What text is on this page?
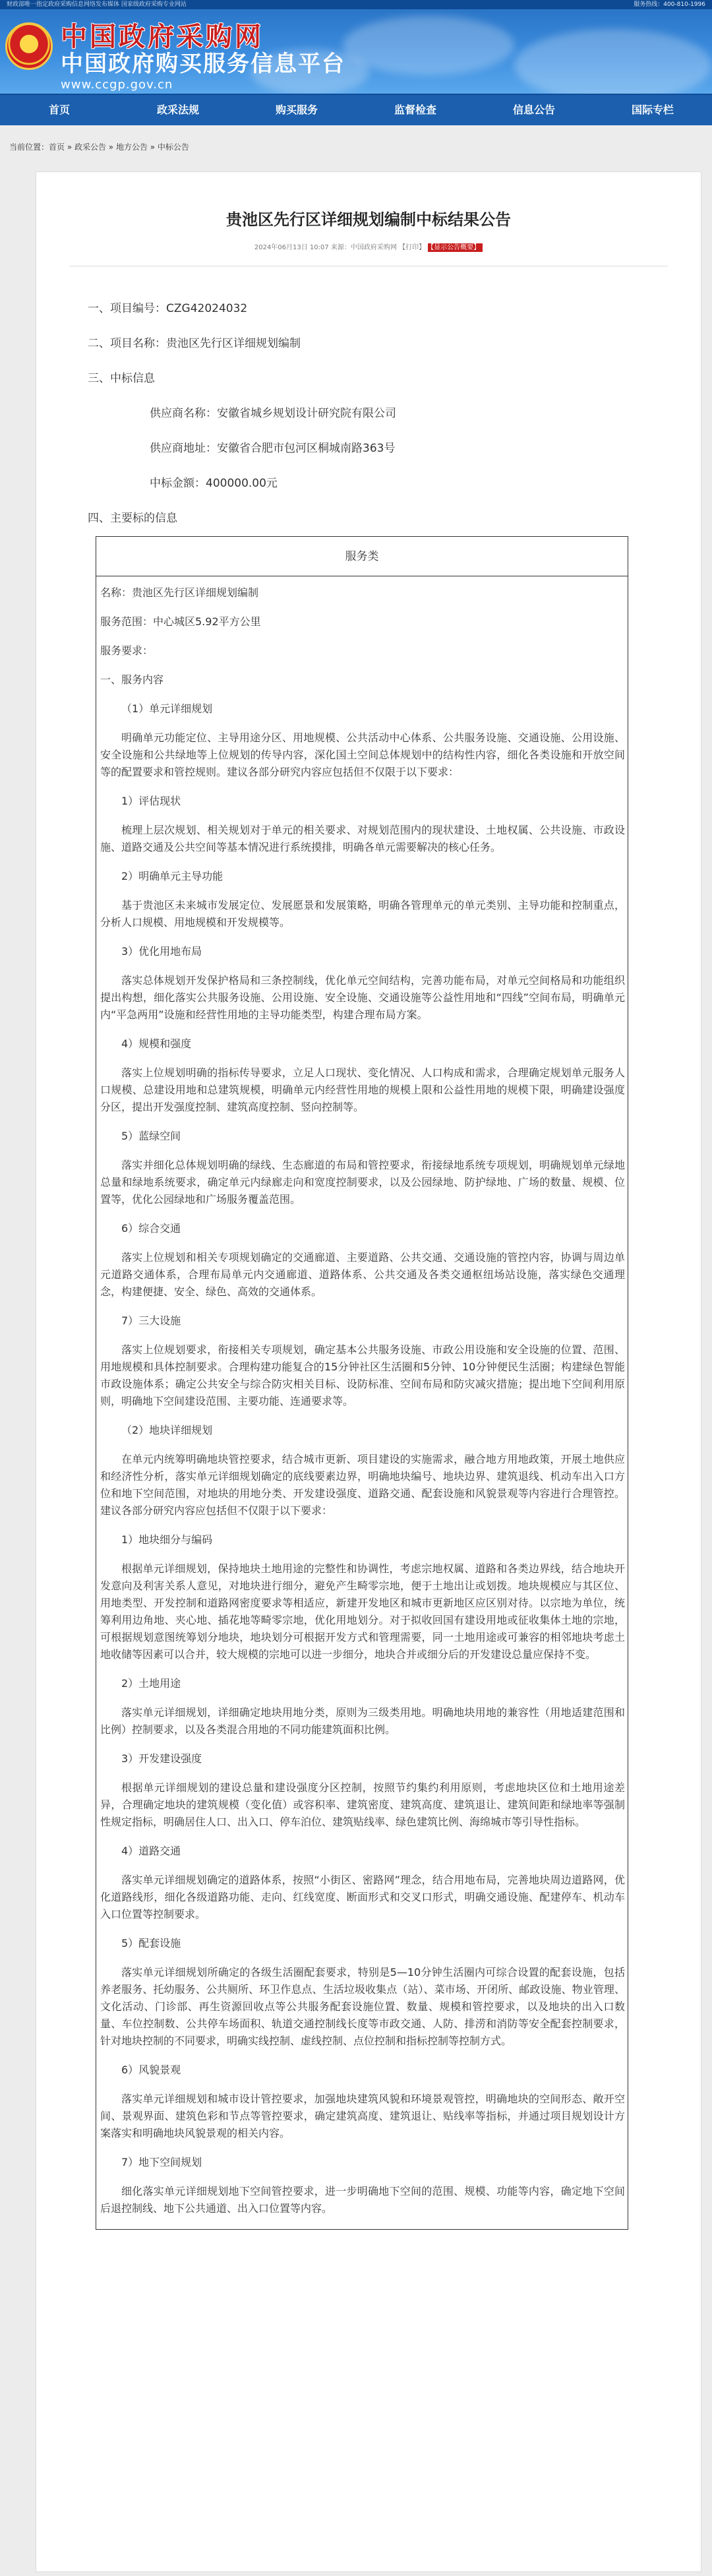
财政部唯一指定政府采购信息网络发布媒体 国家级政府采购专业网站	服务热线：400-810-1996
中国政府采购网
中国政府购买服务信息平台
www.ccgp.gov.cn
首页	政采法规	购买服务	监督检查	信息公告	国际专栏
当前位置：首页 » 政采公告 » 地方公告 » 中标公告
贵池区先行区详细规划编制中标结果公告
2024年06月13日 10:07 来源：中国政府采购网 【打印】 【显示公告概要】
一、项目编号：CZG42024032
二、项目名称：贵池区先行区详细规划编制
三、中标信息
供应商名称：安徽省城乡规划设计研究院有限公司
供应商地址：安徽省合肥市包河区桐城南路363号
中标金额：400000.00元
四、主要标的信息
服务类

名称：贵池区先行区详细规划编制

服务范围：中心城区5.92平方公里

服务要求：

一、服务内容

（1）单元详细规划

明确单元功能定位、主导用途分区、用地规模、公共活动中心体系、公共服务设施、交通设施、公用设施、安全设施和公共绿地等上位规划的传导内容，深化国土空间总体规划中的结构性内容，细化各类设施和开放空间等的配置要求和管控规则。建议各部分研究内容应包括但不仅限于以下要求：

1）评估现状

梳理上层次规划、相关规划对于单元的相关要求、对规划范围内的现状建设、土地权属、公共设施、市政设施、道路交通及公共空间等基本情况进行系统摸排，明确各单元需要解决的核心任务。

2）明确单元主导功能

基于贵池区未来城市发展定位、发展愿景和发展策略，明确各管理单元的单元类别、主导功能和控制重点，分析人口规模、用地规模和开发规模等。

3）优化用地布局

落实总体规划开发保护格局和三条控制线，优化单元空间结构，完善功能布局，对单元空间格局和功能组织提出构想，细化落实公共服务设施、公用设施、安全设施、交通设施等公益性用地和“四线”空间布局，明确单元内“平急两用”设施和经营性用地的主导功能类型，构建合理布局方案。

4）规模和强度

落实上位规划明确的指标传导要求，立足人口现状、变化情况、人口构成和需求，合理确定规划单元服务人口规模、总建设用地和总建筑规模，明确单元内经营性用地的规模上限和公益性用地的规模下限，明确建设强度分区，提出开发强度控制、建筑高度控制、竖向控制等。

5）蓝绿空间

落实并细化总体规划明确的绿线、生态廊道的布局和管控要求，衔接绿地系统专项规划，明确规划单元绿地总量和绿地系统要求，确定单元内绿廊走向和宽度控制要求，以及公园绿地、防护绿地、广场的数量、规模、位置等，优化公园绿地和广场服务覆盖范围。

6）综合交通

落实上位规划和相关专项规划确定的交通廊道、主要道路、公共交通、交通设施的管控内容，协调与周边单元道路交通体系，合理布局单元内交通廊道、道路体系、公共交通及各类交通枢纽场站设施，落实绿色交通理念，构建便捷、安全、绿色、高效的交通体系。

7）三大设施

落实上位规划要求，衔接相关专项规划，确定基本公共服务设施、市政公用设施和安全设施的位置、范围、用地规模和具体控制要求。合理构建功能复合的15分钟社区生活圈和5分钟、10分钟便民生活圈；构建绿色智能市政设施体系；确定公共安全与综合防灾相关目标、设防标准、空间布局和防灾减灾措施；提出地下空间利用原则，明确地下空间建设范围、主要功能、连通要求等。

（2）地块详细规划

在单元内统筹明确地块管控要求，结合城市更新、项目建设的实施需求，融合地方用地政策，开展土地供应和经济性分析，落实单元详细规划确定的底线要素边界，明确地块编号、地块边界、建筑退线、机动车出入口方位和地下空间范围，对地块的用地分类、开发建设强度、道路交通、配套设施和风貌景观等内容进行合理管控。建议各部分研究内容应包括但不仅限于以下要求：

1）地块细分与编码

根据单元详细规划，保持地块土地用途的完整性和协调性，考虑宗地权属、道路和各类边界线，结合地块开发意向及利害关系人意见，对地块进行细分，避免产生畸零宗地，便于土地出让或划拨。地块规模应与其区位、用地类型、开发控制和道路网密度要求等相适应，新建开发地区和城市更新地区应区别对待。以宗地为单位，统筹利用边角地、夹心地、插花地等畸零宗地，优化用地划分。对于拟收回国有建设用地或征收集体土地的宗地，可根据规划意图统筹划分地块，地块划分可根据开发方式和管理需要，同一土地用途或可兼容的相邻地块考虑土地收储等因素可以合并，较大规模的宗地可以进一步细分，地块合并或细分后的开发建设总量应保持不变。

2）土地用途

落实单元详细规划，详细确定地块用地分类，原则为三级类用地。明确地块用地的兼容性（用地适建范围和比例）控制要求，以及各类混合用地的不同功能建筑面积比例。

3）开发建设强度

根据单元详细规划的建设总量和建设强度分区控制，按照节约集约利用原则，考虑地块区位和土地用途差异，合理确定地块的建筑规模（变化值）或容积率、建筑密度、建筑高度、建筑退让、建筑间距和绿地率等强制性规定指标，明确居住人口、出入口、停车泊位、建筑贴线率、绿色建筑比例、海绵城市等引导性指标。

4）道路交通

落实单元详细规划确定的道路体系，按照“小街区、密路网”理念，结合用地布局，完善地块周边道路网，优化道路线形，细化各级道路功能、走向、红线宽度、断面形式和交叉口形式，明确交通设施、配建停车、机动车入口位置等控制要求。

5）配套设施

落实单元详细规划所确定的各级生活圈配套要求，特别是5—10分钟生活圈内可综合设置的配套设施，包括养老服务、托幼服务、公共厕所、环卫作息点、生活垃圾收集点（站）、菜市场、开闭所、邮政设施、物业管理、文化活动、门诊部、再生资源回收点等公共服务配套设施位置、数量、规模和管控要求，以及地块的出入口数量、车位控制数、公共停车场面积、轨道交通控制线长度等市政交通、人防、排涝和消防等安全配套控制要求，针对地块控制的不同要求，明确实线控制、虚线控制、点位控制和指标控制等控制方式。

6）风貌景观

落实单元详细规划和城市设计管控要求，加强地块建筑风貌和环境景观管控，明确地块的空间形态、敞开空间、景观界面、建筑色彩和节点等管控要求，确定建筑高度、建筑退让、贴线率等指标，并通过项目规划设计方案落实和明确地块风貌景观的相关内容。

7）地下空间规划

细化落实单元详细规划地下空间管控要求，进一步明确地下空间的范围、规模、功能等内容，确定地下空间后退控制线、地下公共通道、出入口位置等内容。
